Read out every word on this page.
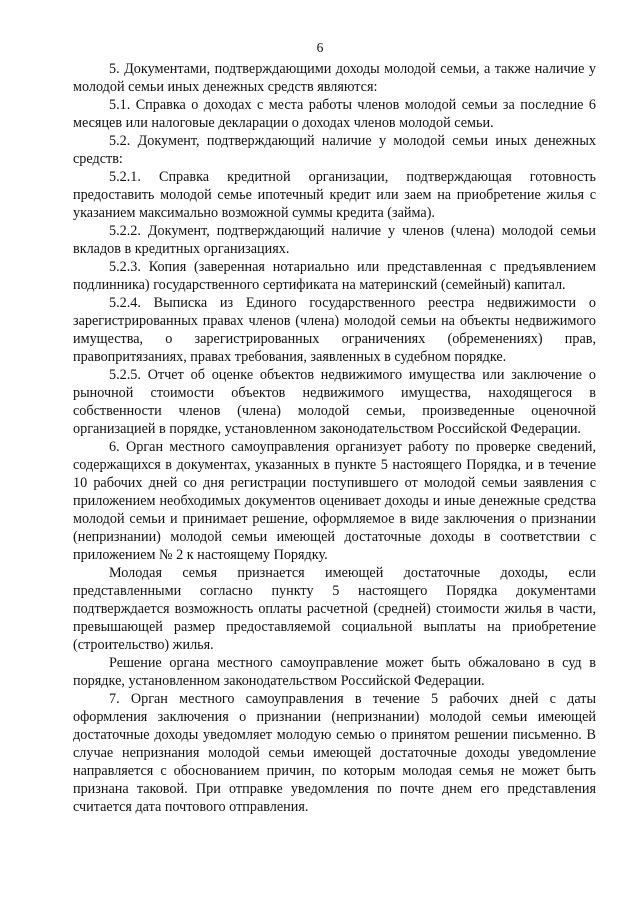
6

5. Документами, подтверждающими доходы молодой семьи, а также наличие у молодой семьи иных денежных средств являются:

5.1. Справка о доходах с места работы членов молодой семьи за последние 6 месяцев или налоговые декларации о доходах членов молодой семьи.

5.2. Документ, подтверждающий наличие у молодой семьи иных денежных средств:

5.2.1. Справка кредитной организации, подтверждающая готовность предоставить молодой семье ипотечный кредит или заем на приобретение жилья с указанием максимально возможной суммы кредита (займа).

5.2.2. Документ, подтверждающий наличие у членов (члена) молодой семьи вкладов в кредитных организациях.

5.2.3. Копия (заверенная нотариально или представленная с предъявлением подлинника) государственного сертификата на материнский (семейный) капитал.

5.2.4. Выписка из Единого государственного реестра недвижимости о зарегистрированных правах членов (члена) молодой семьи на объекты недвижимого имущества, о зарегистрированных ограничениях (обременениях) прав, правопритязаниях, правах требования, заявленных в судебном порядке.

5.2.5. Отчет об оценке объектов недвижимого имущества или заключение о рыночной стоимости объектов недвижимого имущества, находящегося в собственности членов (члена) молодой семьи, произведенные оценочной организацией в порядке, установленном законодательством Российской Федерации.

6. Орган местного самоуправления организует работу по проверке сведений, содержащихся в документах, указанных в пункте 5 настоящего Порядка, и в течение 10 рабочих дней со дня регистрации поступившего от молодой семьи заявления с приложением необходимых документов оценивает доходы и иные денежные средства молодой семьи и принимает решение, оформляемое в виде заключения о признании (непризнании) молодой семьи имеющей достаточные доходы в соответствии с приложением № 2 к настоящему Порядку.

Молодая семья признается имеющей достаточные доходы, если представленными согласно пункту 5 настоящего Порядка документами подтверждается возможность оплаты расчетной (средней) стоимости жилья в части, превышающей размер предоставляемой социальной выплаты на приобретение (строительство) жилья.

Решение органа местного самоуправление может быть обжаловано в суд в порядке, установленном законодательством Российской Федерации.

7. Орган местного самоуправления в течение 5 рабочих дней с даты оформления заключения о признании (непризнании) молодой семьи имеющей достаточные доходы уведомляет молодую семью о принятом решении письменно. В случае непризнания молодой семьи имеющей достаточные доходы уведомление направляется с обоснованием причин, по которым молодая семья не может быть признана таковой. При отправке уведомления по почте днем его представления считается дата почтового отправления.
